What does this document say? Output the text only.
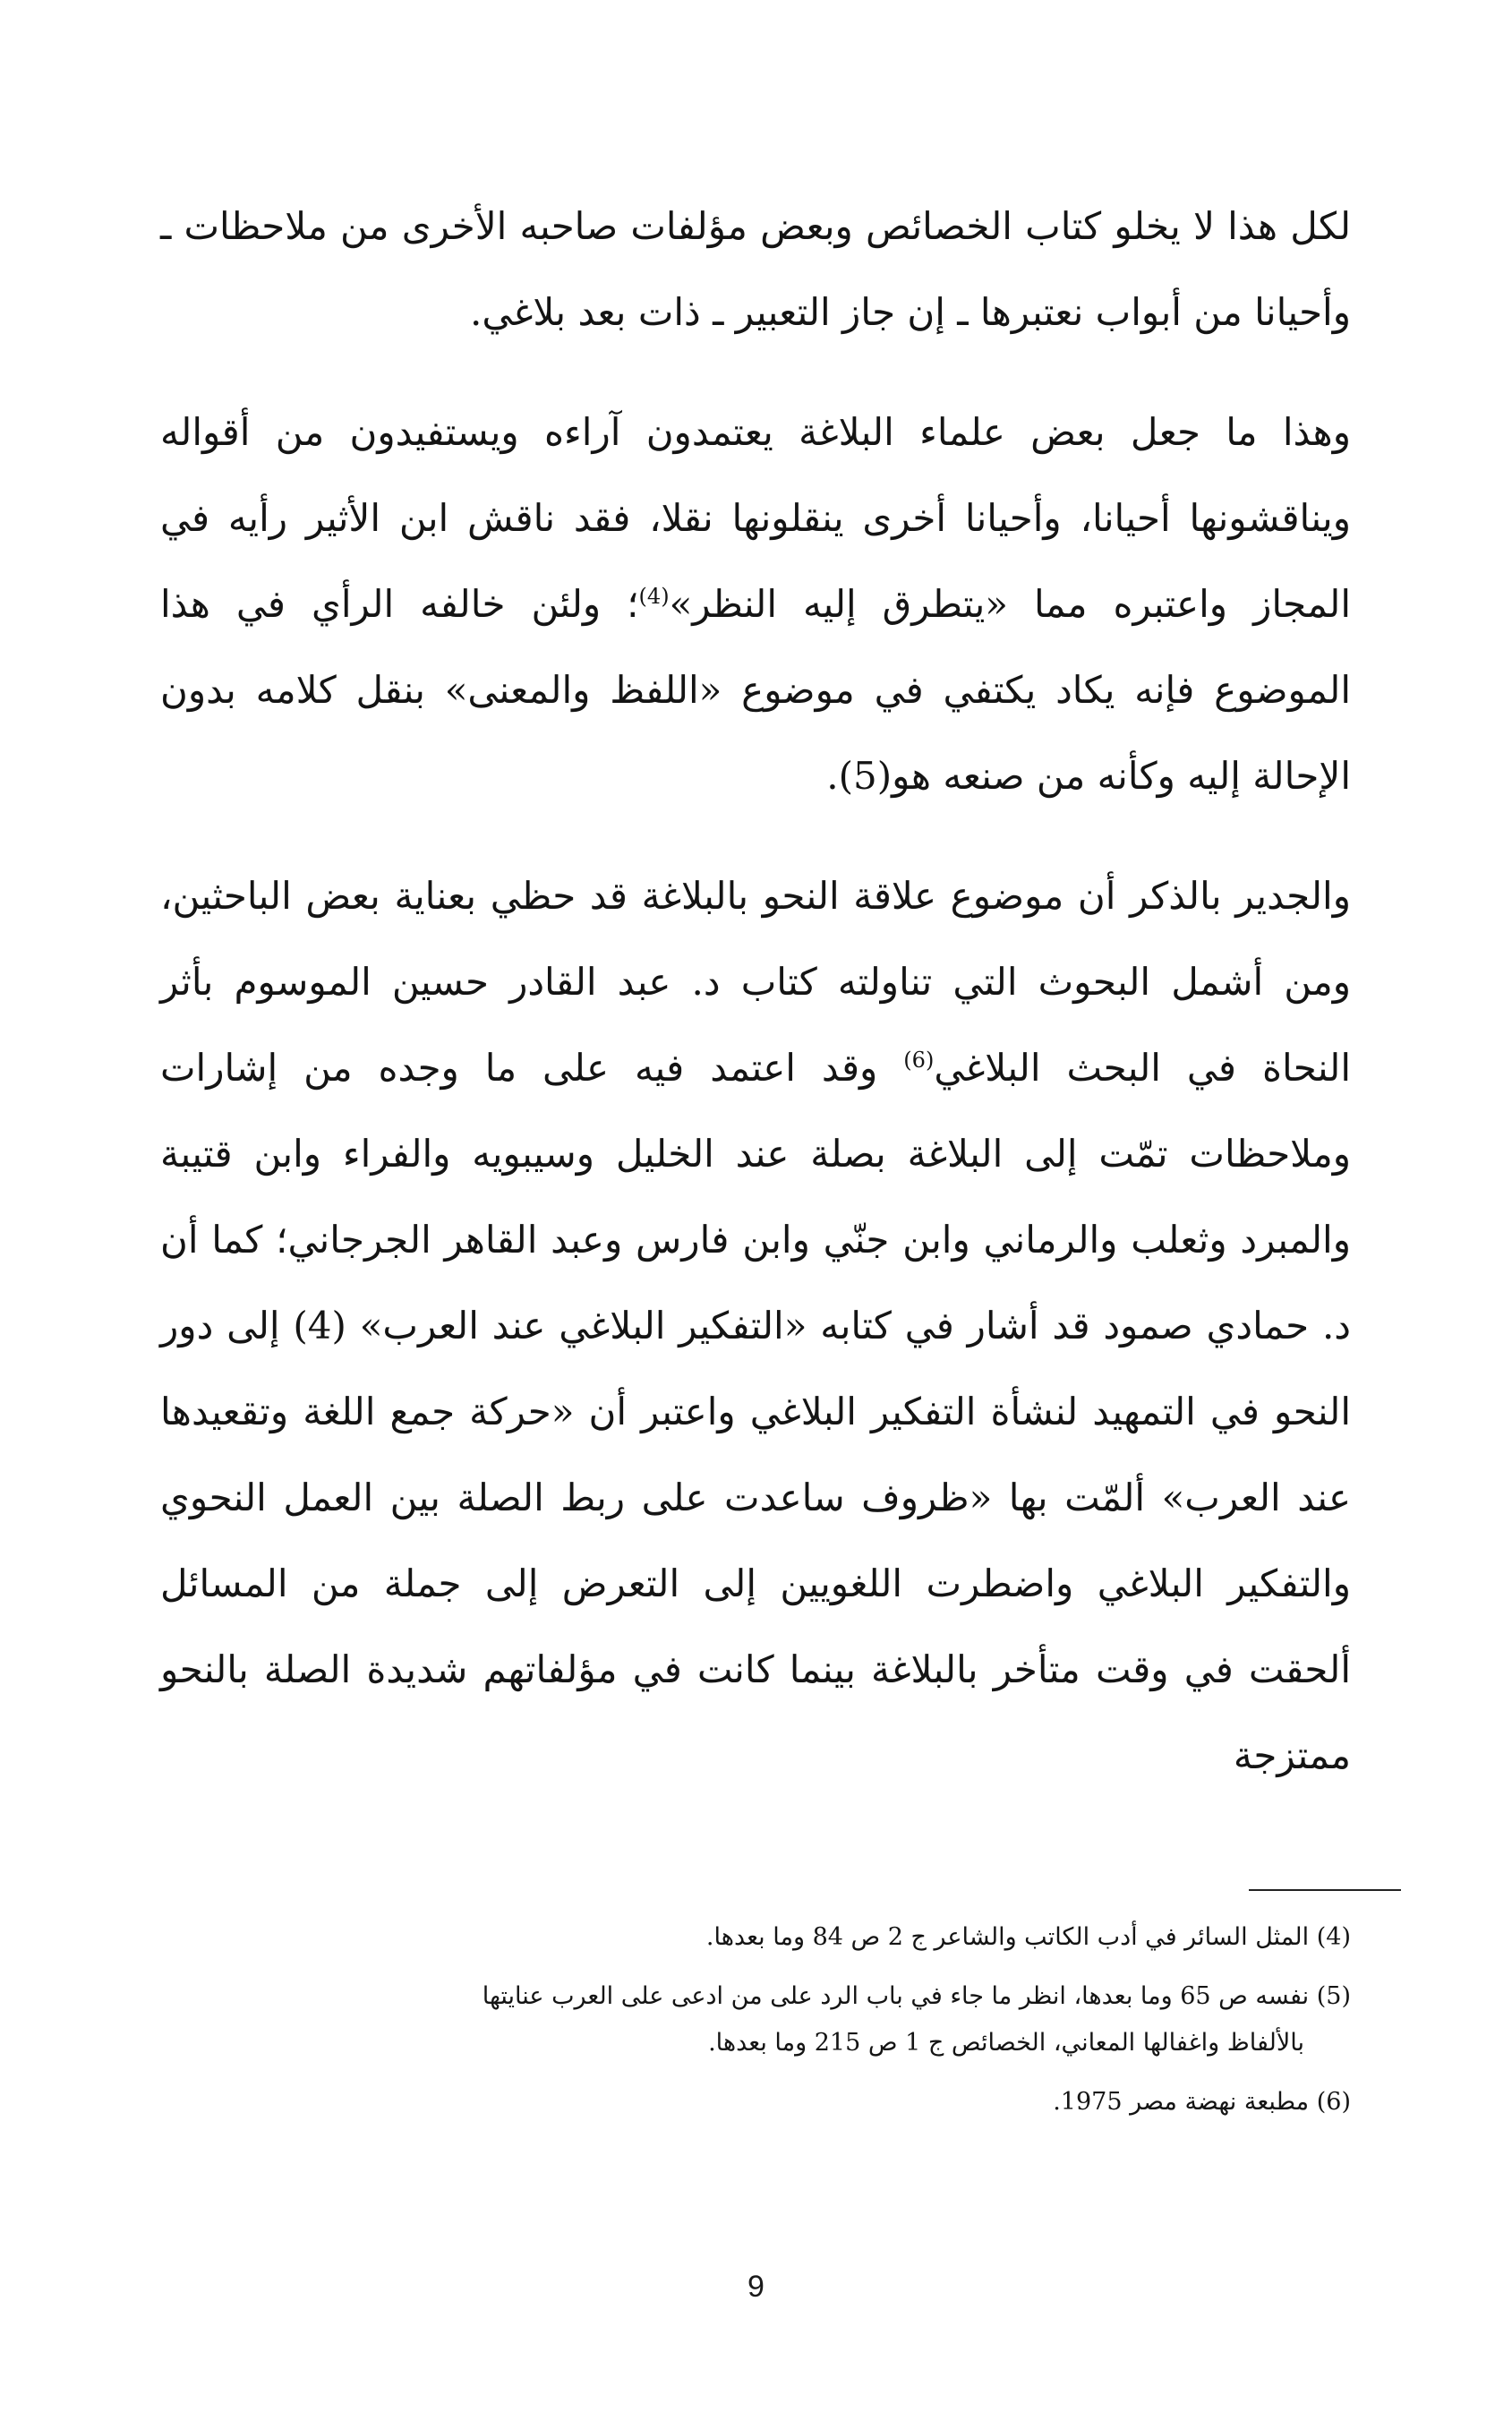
لكل هذا لا يخلو كتاب الخصائص وبعض مؤلفات صاحبه الأخرى من ملاحظات ـ وأحيانا من أبواب نعتبرها ـ إن جاز التعبير ـ ذات بعد بلاغي.

وهذا ما جعل بعض علماء البلاغة يعتمدون آراءه ويستفيدون من أقواله ويناقشونها أحيانا، وأحيانا أخرى ينقلونها نقلا، فقد ناقش ابن الأثير رأيه في المجاز واعتبره مما «يتطرق إليه النظر»$^{(4)}$؛ ولئن خالفه الرأي في هذا الموضوع فإنه يكاد يكتفي في موضوع «اللفظ والمعنى» بنقل كلامه بدون الإحالة إليه وكأنه من صنعه هو(5).

والجدير بالذكر أن موضوع علاقة النحو بالبلاغة قد حظي بعناية بعض الباحثين، ومن أشمل البحوث التي تناولته كتاب د. عبد القادر حسين الموسوم بأثر النحاة في البحث البلاغي$^{(6)}$ وقد اعتمد فيه على ما وجده من إشارات وملاحظات تمّت إلى البلاغة بصلة عند الخليل وسيبويه والفراء وابن قتيبة والمبرد وثعلب والرماني وابن جنّي وابن فارس وعبد القاهر الجرجاني؛ كما أن د. حمادي صمود قد أشار في كتابه «التفكير البلاغي عند العرب» (4) إلى دور النحو في التمهيد لنشأة التفكير البلاغي واعتبر أن «حركة جمع اللغة وتقعيدها عند العرب» ألمّت بها «ظروف ساعدت على ربط الصلة بين العمل النحوي والتفكير البلاغي واضطرت اللغويين إلى التعرض إلى جملة من المسائل ألحقت في وقت متأخر بالبلاغة بينما كانت في مؤلفاتهم شديدة الصلة بالنحو ممتزجة

(4) المثل السائر في أدب الكاتب والشاعر ج 2 ص 84 وما بعدها.

(5) نفسه ص 65 وما بعدها، انظر ما جاء في باب الرد على من ادعى على العرب عنايتها
بالألفاظ واغفالها المعاني، الخصائص ج 1 ص 215 وما بعدها.

(6) مطبعة نهضة مصر 1975.

9
